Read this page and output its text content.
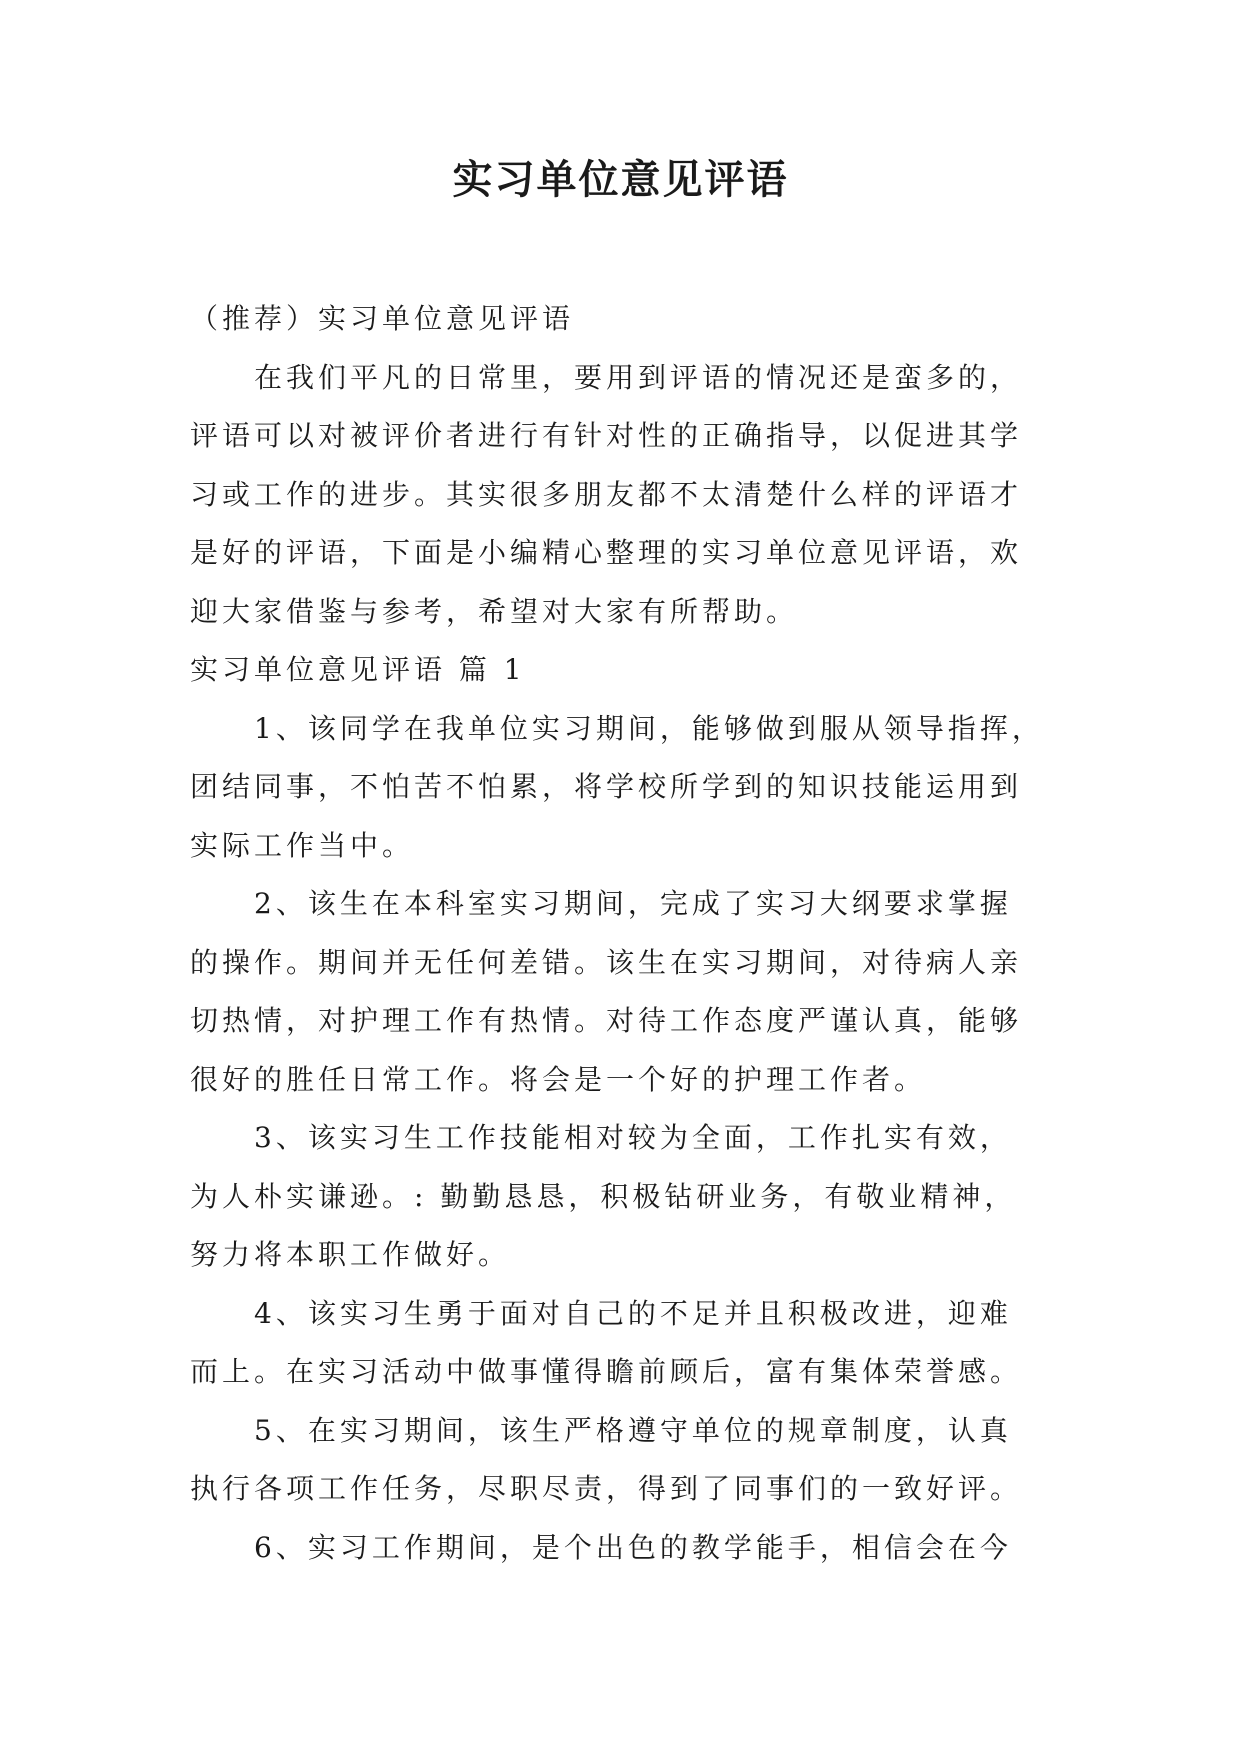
实习单位意见评语
（推荐）实习单位意见评语
在我们平凡的日常里，要用到评语的情况还是蛮多的，
评语可以对被评价者进行有针对性的正确指导，以促进其学
习或工作的进步。其实很多朋友都不太清楚什么样的评语才
是好的评语，下面是小编精心整理的实习单位意见评语，欢
迎大家借鉴与参考，希望对大家有所帮助。
实习单位意见评语 篇 1
1、该同学在我单位实习期间，能够做到服从领导指挥，
团结同事，不怕苦不怕累，将学校所学到的知识技能运用到
实际工作当中。
2、该生在本科室实习期间，完成了实习大纲要求掌握
的操作。期间并无任何差错。该生在实习期间，对待病人亲
切热情，对护理工作有热情。对待工作态度严谨认真，能够
很好的胜任日常工作。将会是一个好的护理工作者。
3、该实习生工作技能相对较为全面，工作扎实有效，
为人朴实谦逊。: 勤勤恳恳，积极钻研业务，有敬业精神，
努力将本职工作做好。
4、该实习生勇于面对自己的不足并且积极改进，迎难
而上。在实习活动中做事懂得瞻前顾后，富有集体荣誉感。
5、在实习期间，该生严格遵守单位的规章制度，认真
执行各项工作任务，尽职尽责，得到了同事们的一致好评。
6、实习工作期间，是个出色的教学能手，相信会在今
